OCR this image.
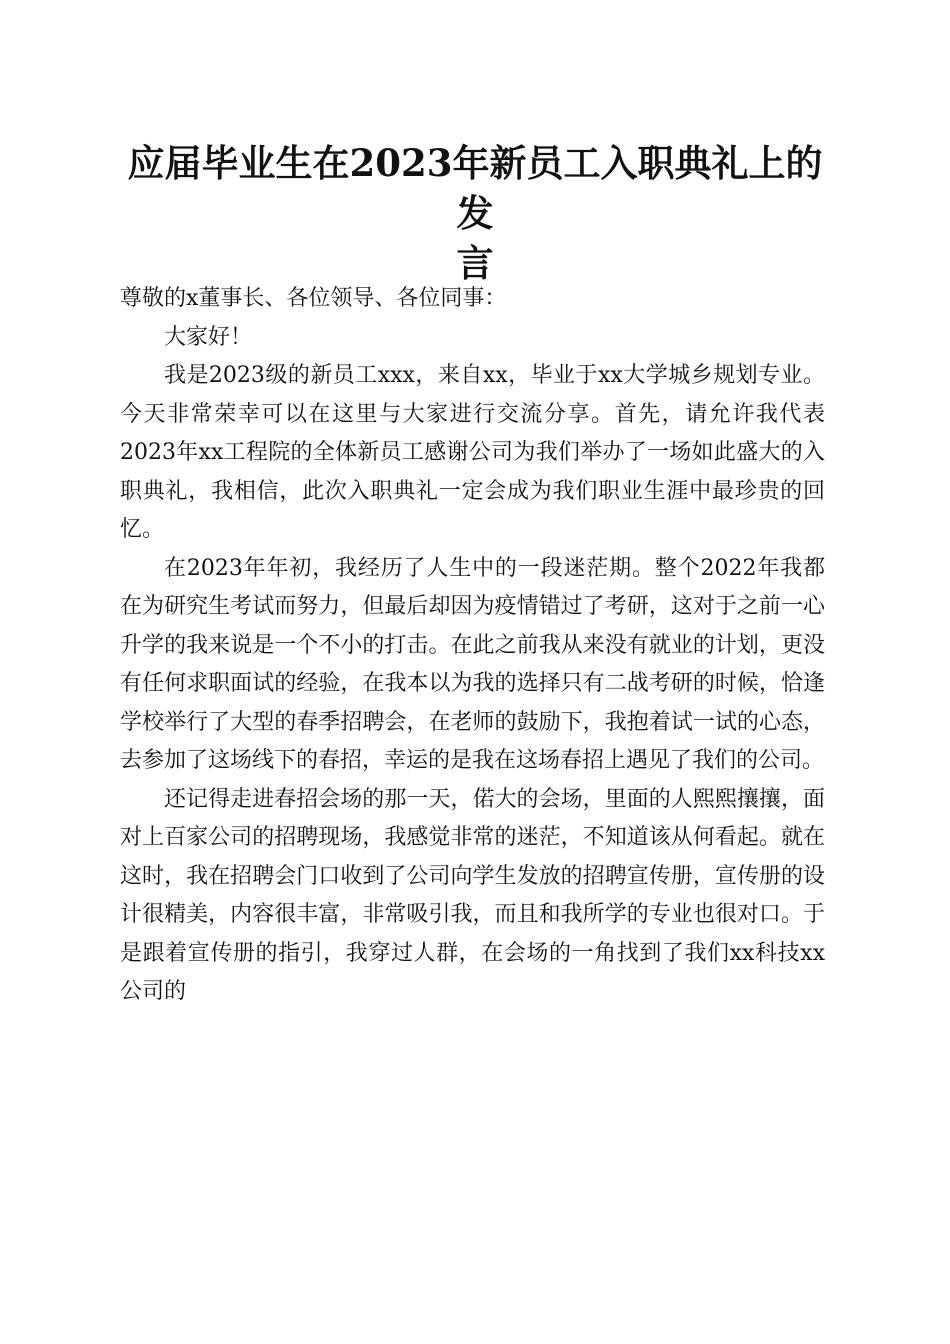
应届毕业生在2023年新员工入职典礼上的发
言

尊敬的x董事长、各位领导、各位同事：

大家好！

我是2023级的新员工xxx，来自xx，毕业于xx大学城乡规划专业。今天非常荣幸可以在这里与大家进行交流分享。首先，请允许我代表2023年xx工程院的全体新员工感谢公司为我们举办了一场如此盛大的入职典礼，我相信，此次入职典礼一定会成为我们职业生涯中最珍贵的回忆。

在2023年年初，我经历了人生中的一段迷茫期。整个2022年我都在为研究生考试而努力，但最后却因为疫情错过了考研，这对于之前一心升学的我来说是一个不小的打击。在此之前我从来没有就业的计划，更没有任何求职面试的经验，在我本以为我的选择只有二战考研的时候，恰逢学校举行了大型的春季招聘会，在老师的鼓励下，我抱着试一试的心态，去参加了这场线下的春招，幸运的是我在这场春招上遇见了我们的公司。

还记得走进春招会场的那一天，偌大的会场，里面的人熙熙攘攘，面对上百家公司的招聘现场，我感觉非常的迷茫，不知道该从何看起。就在这时，我在招聘会门口收到了公司向学生发放的招聘宣传册，宣传册的设计很精美，内容很丰富，非常吸引我，而且和我所学的专业也很对口。于是跟着宣传册的指引，我穿过人群，在会场的一角找到了我们xx科技xx公司的
